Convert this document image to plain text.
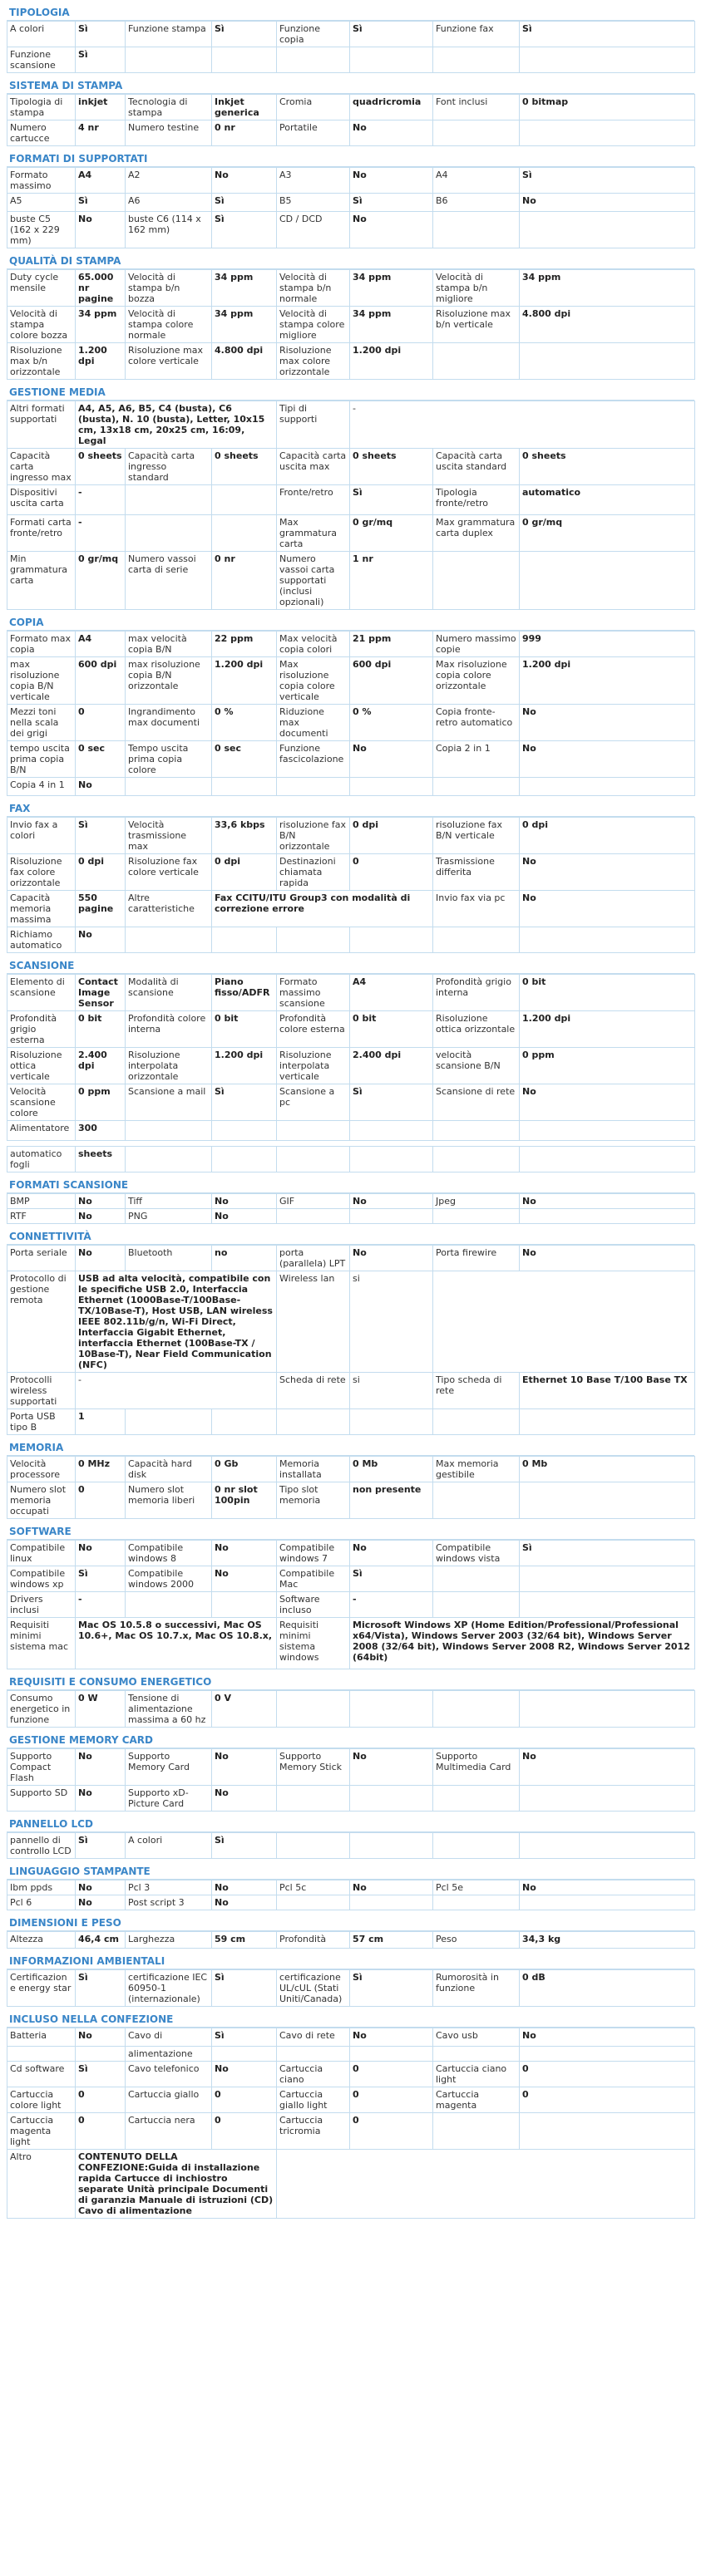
TIPOLOGIA
A colori	Sì	Funzione stampa	Sì	Funzione copia	Sì	Funzione fax	Sì
Funzione scansione	Sì						
SISTEMA DI STAMPA
Tipologia di stampa	inkjet	Tecnologia di stampa	Inkjet generica	Cromia	quadricromia	Font inclusi	0 bitmap
Numero cartucce	4 nr	Numero testine	0 nr	Portatile	No		
FORMATI DI SUPPORTATI
Formato massimo	A4	A2	No	A3	No	A4	Sì
A5	Sì	A6	Sì	B5	Sì	B6	No
buste C5 (162 x 229 mm)	No	buste C6 (114 x 162 mm)	Sì	CD / DCD	No		
QUALITÀ DI STAMPA
Duty cycle mensile	65.000 nr pagine	Velocità di stampa b/n bozza	34 ppm	Velocità di stampa b/n normale	34 ppm	Velocità di stampa b/n migliore	34 ppm
Velocità di stampa colore bozza	34 ppm	Velocità di stampa colore normale	34 ppm	Velocità di stampa colore migliore	34 ppm	Risoluzione max b/n verticale	4.800 dpi
Risoluzione max b/n orizzontale	1.200 dpi	Risoluzione max colore verticale	4.800 dpi	Risoluzione max colore orizzontale	1.200 dpi		
GESTIONE MEDIA
Altri formati supportati	A4, A5, A6, B5, C4 (busta), C6 (busta), N. 10 (busta), Letter, 10x15 cm, 13x18 cm, 20x25 cm, 16:09, Legal			Tipi di supporti	-		
Capacità carta ingresso max	0 sheets	Capacità carta ingresso standard	0 sheets	Capacità carta uscita max	0 sheets	Capacità carta uscita standard	0 sheets
Dispositivi uscita carta	-			Fronte/retro	Sì	Tipologia fronte/retro	automatico
Formati carta fronte/retro	-			Max grammatura carta	0 gr/mq	Max grammatura carta duplex	0 gr/mq
Min grammatura carta	0 gr/mq	Numero vassoi carta di serie	0 nr	Numero vassoi carta supportati (inclusi opzionali)	1 nr		
COPIA
Formato max copia	A4	max velocità copia B/N	22 ppm	Max velocità copia colori	21 ppm	Numero massimo copie	999
max risoluzione copia B/N verticale	600 dpi	max risoluzione copia B/N orizzontale	1.200 dpi	Max risoluzione copia colore verticale	600 dpi	Max risoluzione copia colore orizzontale	1.200 dpi
Mezzi toni nella scala dei grigi	0	Ingrandimento max documenti	0 %	Riduzione max documenti	0 %	Copia fronte-retro automatico	No
tempo uscita prima copia B/N	0 sec	Tempo uscita prima copia colore	0 sec	Funzione fascicolazione	No	Copia 2 in 1	No
Copia 4 in 1	No						
FAX
Invio fax a colori	Sì	Velocità trasmissione max	33,6 kbps	risoluzione fax B/N orizzontale	0 dpi	risoluzione fax B/N verticale	0 dpi
Risoluzione fax colore orizzontale	0 dpi	Risoluzione fax colore verticale	0 dpi	Destinazioni chiamata rapida	0	Trasmissione differita	No
Capacità memoria massima	550 pagine	Altre caratteristiche	Fax CCITU/ITU Group3 con modalità di correzione errore			Invio fax via pc	No
Richiamo automatico	No						
SCANSIONE
Elemento di scansione	Contact Image Sensor	Modalità di scansione	Piano fisso/ADFR	Formato massimo scansione	A4	Profondità grigio interna	0 bit
Profondità grigio esterna	0 bit	Profondità colore interna	0 bit	Profondità colore esterna	0 bit	Risoluzione ottica orizzontale	1.200 dpi
Risoluzione ottica verticale	2.400 dpi	Risoluzione interpolata orizzontale	1.200 dpi	Risoluzione interpolata verticale	2.400 dpi	velocità scansione B/N	0 ppm
Velocità scansione colore	0 ppm	Scansione a mail	Sì	Scansione a pc	Sì	Scansione di rete	No
Alimentatore	300						
automatico fogli	sheets						
FORMATI SCANSIONE
BMP	No	Tiff	No	GIF	No	Jpeg	No
RTF	No	PNG	No				
CONNETTIVITÀ
Porta seriale	No	Bluetooth	no	porta (parallela) LPT	No	Porta firewire	No
Protocollo di gestione remota	USB ad alta velocità, compatibile con le specifiche USB 2.0, Interfaccia Ethernet (1000Base-T/100Base-TX/10Base-T), Host USB, LAN wireless IEEE 802.11b/g/n, Wi-Fi Direct, Interfaccia Gigabit Ethernet, interfaccia Ethernet (100Base-TX / 10Base-T), Near Field Communication (NFC)			Wireless lan	si		
Protocolli wireless supportati	-			Scheda di rete	si	Tipo scheda di rete	Ethernet 10 Base T/100 Base TX
Porta USB tipo B	1						
MEMORIA
Velocità processore	0 MHz	Capacità hard disk	0 Gb	Memoria installata	0 Mb	Max memoria gestibile	0 Mb
Numero slot memoria occupati	0	Numero slot memoria liberi	0 nr slot 100pin	Tipo slot memoria	non presente		
SOFTWARE
Compatibile linux	No	Compatibile windows 8	No	Compatibile windows 7	No	Compatibile windows vista	Sì
Compatibile windows xp	Sì	Compatibile windows 2000	No	Compatibile Mac	Sì		
Drivers inclusi	-			Software incluso	-		
Requisiti minimi sistema mac	Mac OS 10.5.8 o successivi, Mac OS 10.6+, Mac OS 10.7.x, Mac OS 10.8.x,			Requisiti minimi sistema windows	Microsoft Windows XP (Home Edition/Professional/Professional x64/Vista), Windows Server 2003 (32/64 bit), Windows Server 2008 (32/64 bit), Windows Server 2008 R2, Windows Server 2012 (64bit)		
REQUISITI E CONSUMO ENERGETICO
Consumo energetico in funzione	0 W	Tensione di alimentazione massima a 60 hz	0 V				
GESTIONE MEMORY CARD
Supporto Compact Flash	No	Supporto Memory Card	No	Supporto Memory Stick	No	Supporto Multimedia Card	No
Supporto SD	No	Supporto xD-Picture Card	No				
PANNELLO LCD
pannello di controllo LCD	Sì	A colori	Sì				
LINGUAGGIO STAMPANTE
Ibm ppds	No	Pcl 3	No	Pcl 5c	No	Pcl 5e	No
Pcl 6	No	Post script 3	No				
DIMENSIONI E PESO
Altezza	46,4 cm	Larghezza	59 cm	Profondità	57 cm	Peso	34,3 kg
INFORMAZIONI AMBIENTALI
Certificazione energy star	Sì	certificazione IEC 60950-1 (internazionale)	Sì	certificazione UL/cUL (Stati Uniti/Canada)	Sì	Rumorosità in funzione	0 dB
INCLUSO NELLA CONFEZIONE
Batteria	No	Cavo di	Sì	Cavo di rete	No	Cavo usb	No
		alimentazione					
Cd software	Sì	Cavo telefonico	No	Cartuccia ciano	0	Cartuccia ciano light	0
Cartuccia colore light	0	Cartuccia giallo	0	Cartuccia giallo light	0	Cartuccia magenta	0
Cartuccia magenta light	0	Cartuccia nera	0	Cartuccia tricromia	0		
Altro	CONTENUTO DELLA CONFEZIONE:Guida di installazione rapida Cartucce di inchiostro separate Unità principale Documenti di garanzia Manuale di istruzioni (CD) Cavo di alimentazione						
